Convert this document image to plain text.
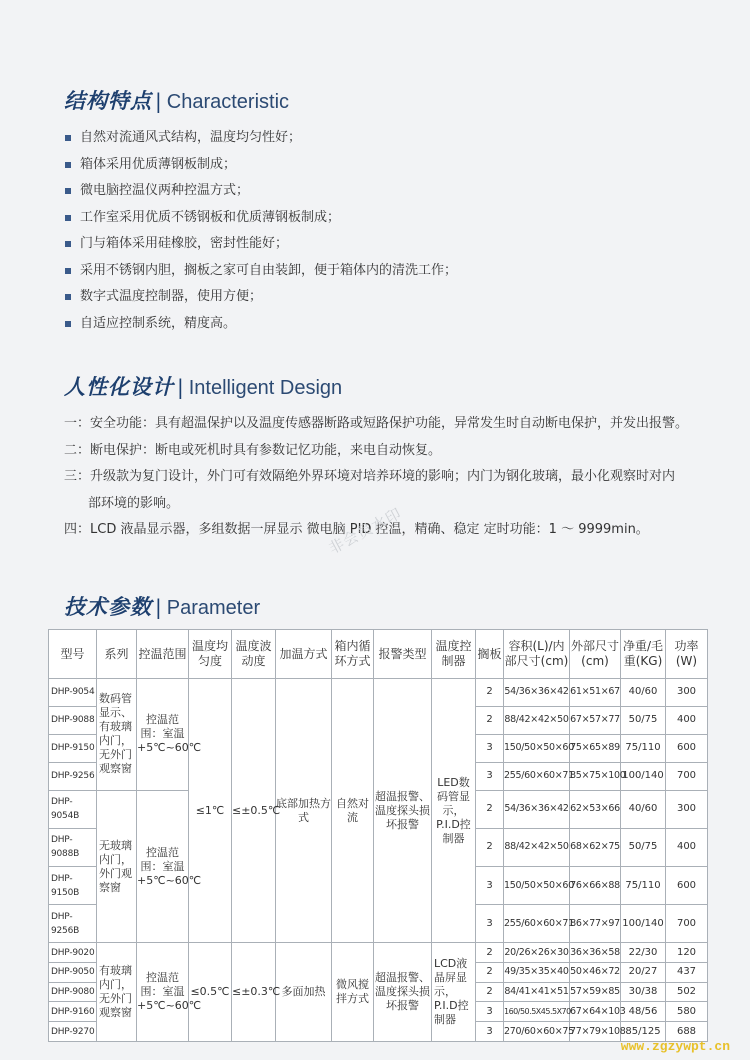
结构特点 | Characteristic
自然对流通风式结构，温度均匀性好；
箱体采用优质薄钢板制成；
微电脑控温仪两种控温方式；
工作室采用优质不锈钢板和优质薄钢板制成；
门与箱体采用硅橡胶，密封性能好；
采用不锈钢内胆，搁板之家可自由装卸，便于箱体内的清洗工作；
数字式温度控制器，使用方便；
自适应控制系统，精度高。
人性化设计 | Intelligent Design

一：安全功能：具有超温保护以及温度传感器断路或短路保护功能，异常发生时自动断电保护，并发出报警。

二：断电保护：断电或死机时具有参数记忆功能，来电自动恢复。

三：升级款为复门设计，外门可有效隔绝外界环境对培养环境的影响；内门为钢化玻璃，最小化观察时对内

部环境的影响。

四：LCD 液晶显示器，多组数据一屏显示 微电脑 PID 控温，精确、稳定 定时功能：1 ～ 9999min。

非会员水印
技术参数 | Parameter
型号	系列	控温范围	温度均匀度	温度波动度	加温方式	箱内循环方式	报警类型	温度控制器	搁板	容积(L)/内部尺寸(cm)	外部尺寸(cm)	净重/毛重(KG)	功率(W)
DHP-9054	数码管显示、有玻璃内门，无外门观察窗	控温范围：室温+5℃~60℃	≤1℃	≤±0.5℃	底部加热方式	自然对流	超温报警、温度探头损坏报警	LED数码管显示，P.I.D控制器	2	54/36×36×42	61×51×67	40/60	300
DHP-9088									2	88/42×42×50	67×57×77	50/75	400
DHP-9150									3	150/50×50×60	75×65×89	75/110	600
DHP-9256									3	255/60×60×71	85×75×100	100/140	700
DHP-9054B	无玻璃内门，外门观察窗	控温范围：室温+5℃~60℃							2	54/36×36×42	62×53×66	40/60	300
DHP-9088B									2	88/42×42×50	68×62×75	50/75	400
DHP-9150B									3	150/50×50×60	76×66×88	75/110	600
DHP-9256B									3	255/60×60×71	86×77×97	100/140	700
DHP-9020	有玻璃内门，无外门观察窗	控温范围：室温+5℃~60℃	≤0.5℃	≤±0.3℃	多面加热	微风搅拌方式	超温报警、温度探头损坏报警	LCD液晶屏显示，P.I.D控制器	2	20/26×26×30	36×36×58	22/30	120
DHP-9050									2	49/35×35×40	50×46×72	20/27	437
DHP-9080									2	84/41×41×51	57×59×85	30/38	502
DHP-9160									3	160/50.5X45.5X70	67×64×103	48/56	580
DHP-9270									3	270/60×60×75	77×79×108	85/125	688
www.zgzywpt.cn
